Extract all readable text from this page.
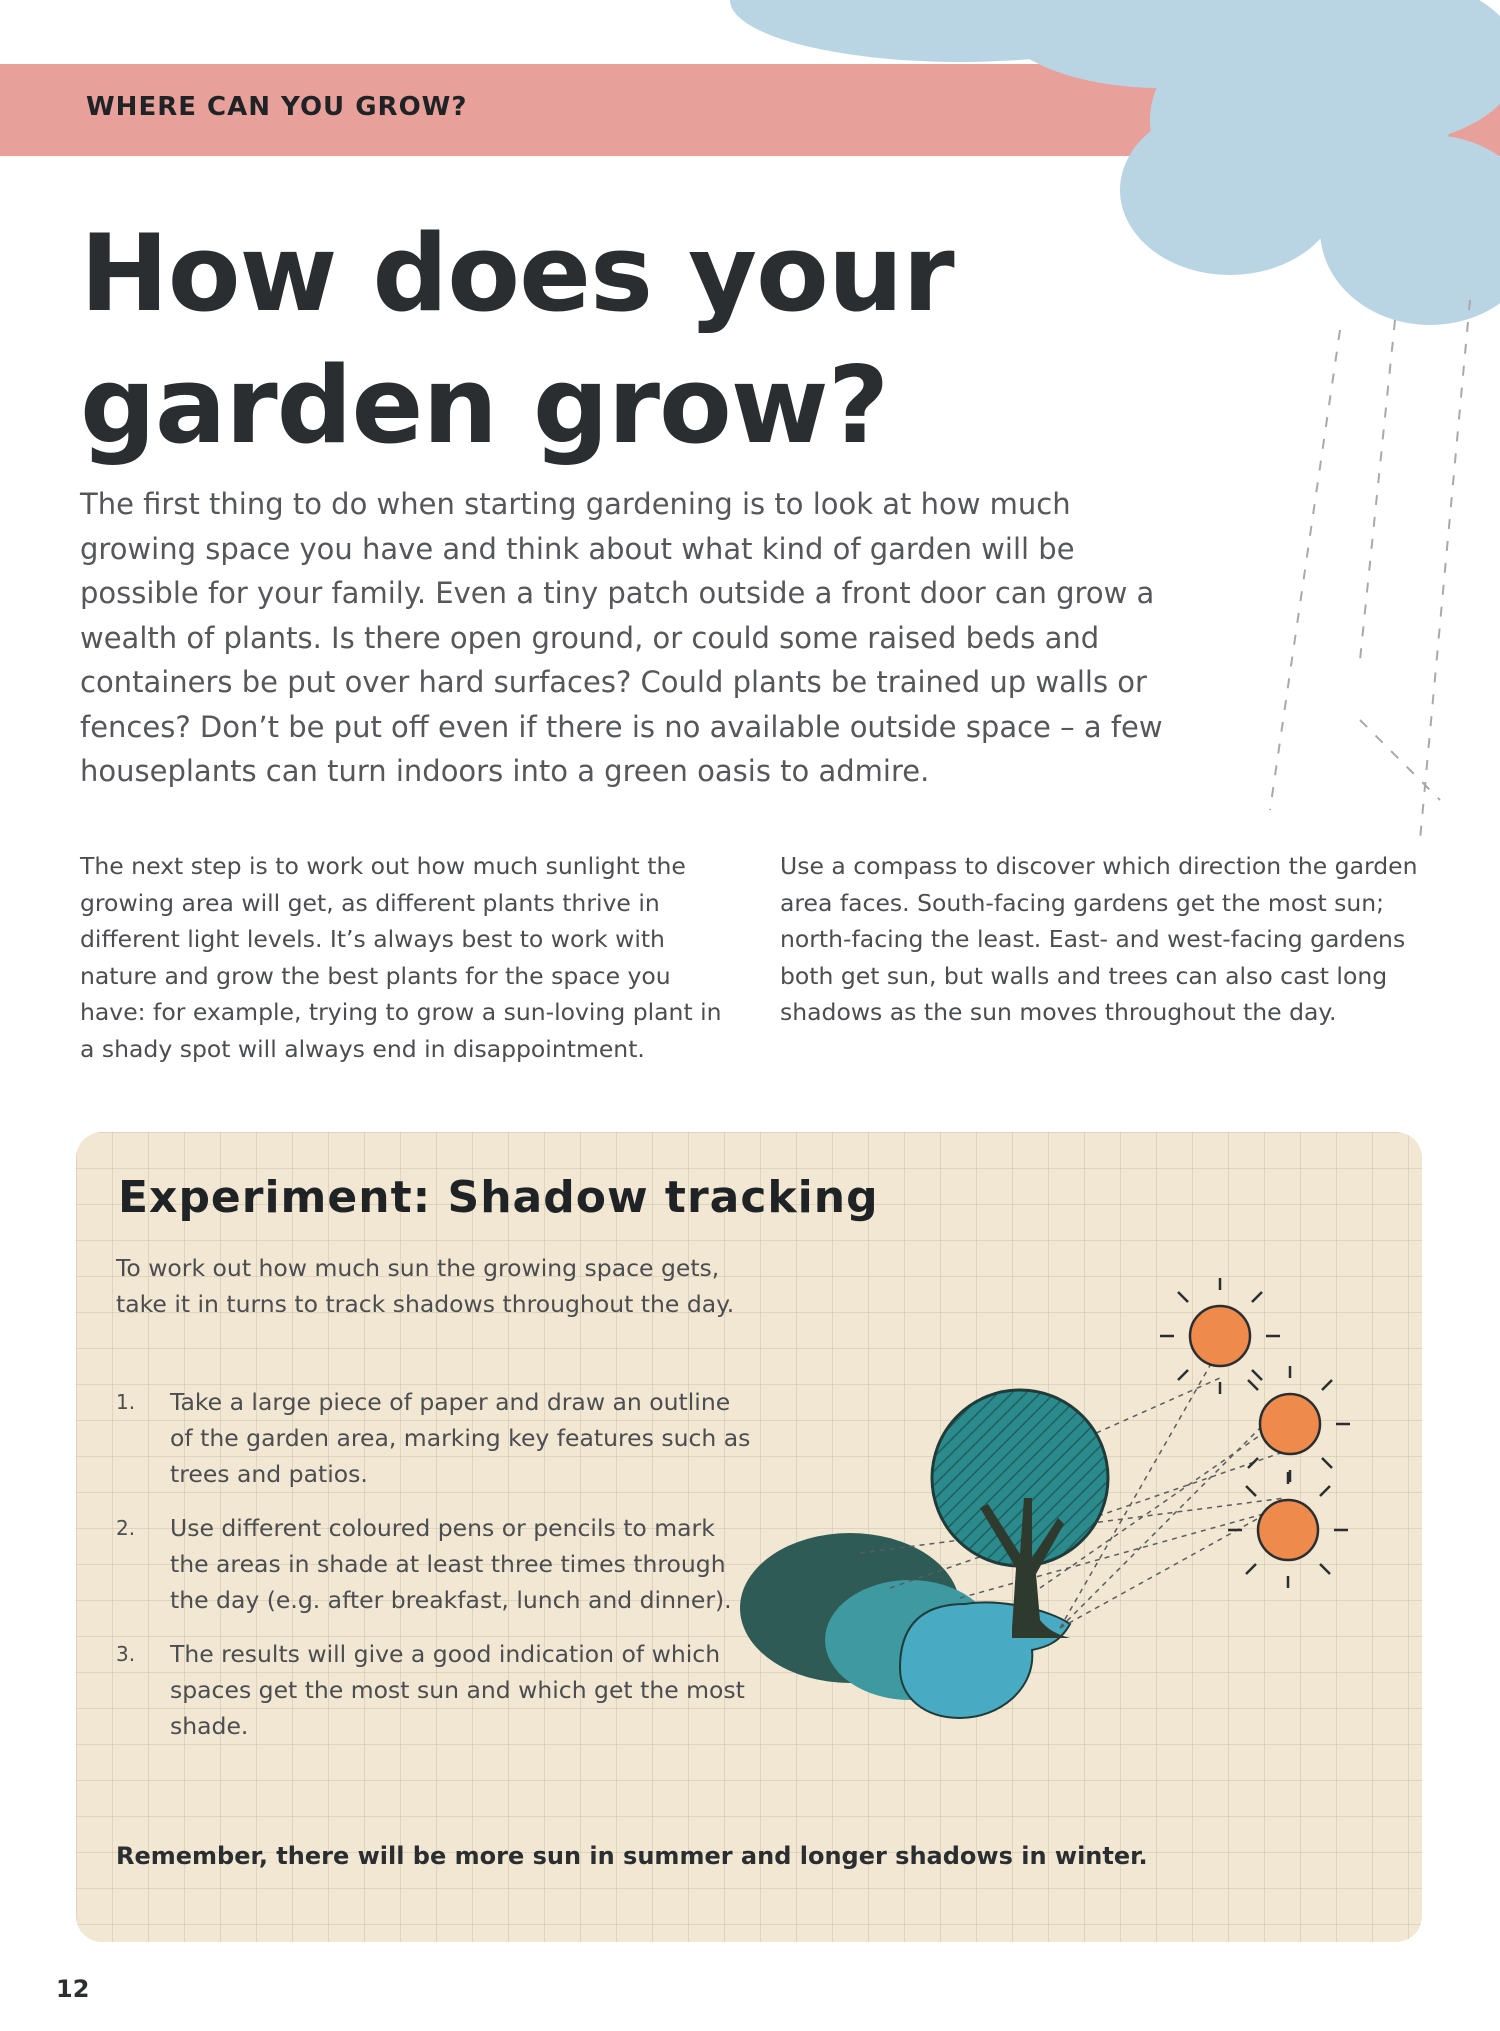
WHERE CAN YOU GROW?
How does your
garden grow?

The first thing to do when starting gardening is to look at how much growing space you have and think about what kind of garden will be possible for your family. Even a tiny patch outside a front door can grow a wealth of plants. Is there open ground, or could some raised beds and containers be put over hard surfaces? Could plants be trained up walls or fences? Don’t be put off even if there is no available outside space – a few houseplants can turn indoors into a green oasis to admire.

The next step is to work out how much sunlight the growing area will get, as different plants thrive in different light levels. It’s always best to work with nature and grow the best plants for the space you have: for example, trying to grow a sun-loving plant in a shady spot will always end in disappointment.

Use a compass to discover which direction the garden area faces. South-facing gardens get the most sun; north-facing the least. East- and west-facing gardens both get sun, but walls and trees can also cast long shadows as the sun moves throughout the day.

Experiment: Shadow tracking

To work out how much sun the growing space gets, take it in turns to track shadows throughout the day.

1. Take a large piece of paper and draw an outline of the garden area, marking key features such as trees and patios.
2. Use different coloured pens or pencils to mark the areas in shade at least three times through the day (e.g. after breakfast, lunch and dinner).
3. The results will give a good indication of which spaces get the most sun and which get the most shade.

Remember, there will be more sun in summer and longer shadows in winter.

12
